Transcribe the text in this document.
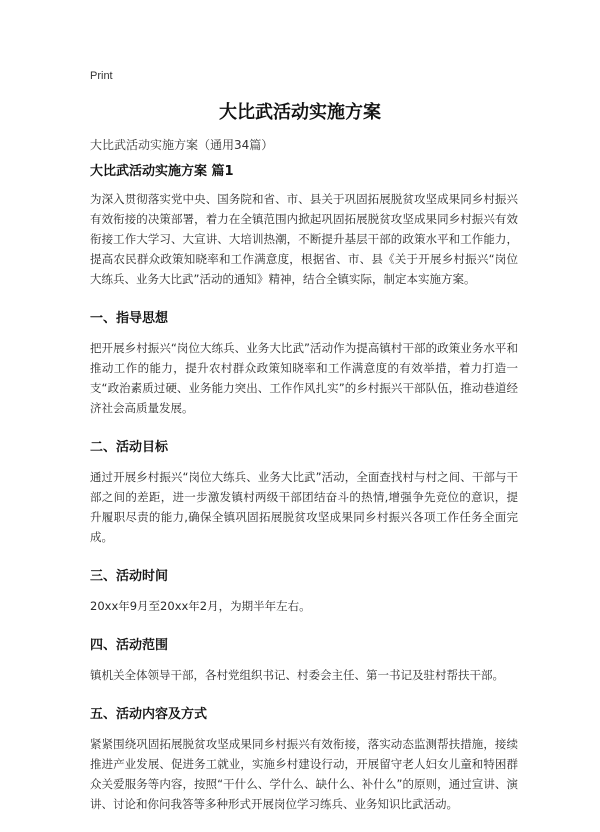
Print
大比武活动实施方案
大比武活动实施方案（通用34篇）
大比武活动实施方案 篇1

为深入贯彻落实党中央、国务院和省、市、县关于巩固拓展脱贫攻坚成果同乡村振兴有效衔接的决策部署，着力在全镇范围内掀起巩固拓展脱贫攻坚成果同乡村振兴有效衔接工作大学习、大宣讲、大培训热潮，不断提升基层干部的政策水平和工作能力，提高农民群众政策知晓率和工作满意度，根据省、市、县《关于开展乡村振兴“岗位大练兵、业务大比武”活动的通知》精神，结合全镇实际，制定本实施方案。

一、指导思想

把开展乡村振兴“岗位大练兵、业务大比武”活动作为提高镇村干部的政策业务水平和推动工作的能力，提升农村群众政策知晓率和工作满意度的有效举措，着力打造一支“政治素质过硬、业务能力突出、工作作风扎实”的乡村振兴干部队伍，推动巷道经济社会高质量发展。

二、活动目标

通过开展乡村振兴“岗位大练兵、业务大比武”活动，全面查找村与村之间、干部与干部之间的差距，进一步激发镇村两级干部团结奋斗的热情,增强争先竞位的意识，提升履职尽责的能力,确保全镇巩固拓展脱贫攻坚成果同乡村振兴各项工作任务全面完成。

三、活动时间

20xx年9月至20xx年2月，为期半年左右。

四、活动范围

镇机关全体领导干部，各村党组织书记、村委会主任、第一书记及驻村帮扶干部。

五、活动内容及方式

紧紧围绕巩固拓展脱贫攻坚成果同乡村振兴有效衔接，落实动态监测帮扶措施，接续推进产业发展、促进务工就业，实施乡村建设行动，开展留守老人妇女儿童和特困群众关爱服务等内容，按照“干什么、学什么、缺什么、补什么”的原则，通过宣讲、演讲、讨论和你问我答等多种形式开展岗位学习练兵、业务知识比武活动。
